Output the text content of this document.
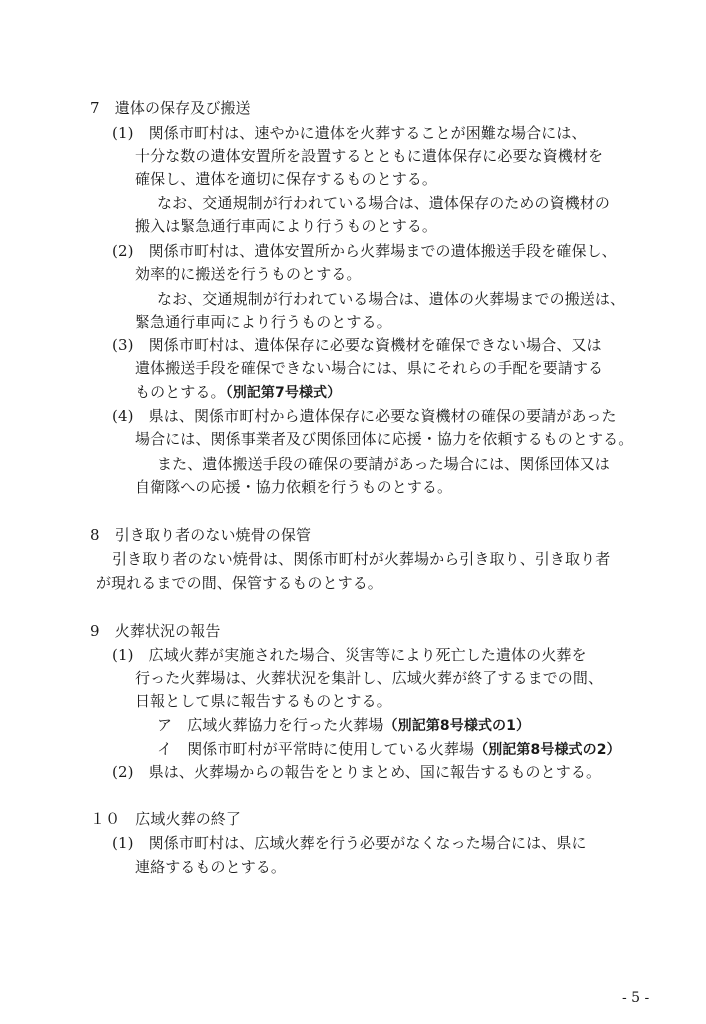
7　遺体の保存及び搬送
(1)　関係市町村は、速やかに遺体を火葬することが困難な場合には、
十分な数の遺体安置所を設置するとともに遺体保存に必要な資機材を
確保し、遺体を適切に保存するものとする。
なお、交通規制が行われている場合は、遺体保存のための資機材の
搬入は緊急通行車両により行うものとする。
(2)　関係市町村は、遺体安置所から火葬場までの遺体搬送手段を確保し、
効率的に搬送を行うものとする。
なお、交通規制が行われている場合は、遺体の火葬場までの搬送は、
緊急通行車両により行うものとする。
(3)　関係市町村は、遺体保存に必要な資機材を確保できない場合、又は
遺体搬送手段を確保できない場合には、県にそれらの手配を要請する
ものとする。（別記第7号様式）
(4)　県は、関係市町村から遺体保存に必要な資機材の確保の要請があった
場合には、関係事業者及び関係団体に応援・協力を依頼するものとする。
また、遺体搬送手段の確保の要請があった場合には、関係団体又は
自衛隊への応援・協力依頼を行うものとする。
8　引き取り者のない焼骨の保管
引き取り者のない焼骨は、関係市町村が火葬場から引き取り、引き取り者
が現れるまでの間、保管するものとする。
9　火葬状況の報告
(1)　広域火葬が実施された場合、災害等により死亡した遺体の火葬を
行った火葬場は、火葬状況を集計し、広域火葬が終了するまでの間、
日報として県に報告するものとする。
ア　広域火葬協力を行った火葬場（別記第8号様式の1）
イ　関係市町村が平常時に使用している火葬場（別記第8号様式の2）
(2)　県は、火葬場からの報告をとりまとめ、国に報告するものとする。
１０　広域火葬の終了
(1)　関係市町村は、広域火葬を行う必要がなくなった場合には、県に
連絡するものとする。
- 5 -
